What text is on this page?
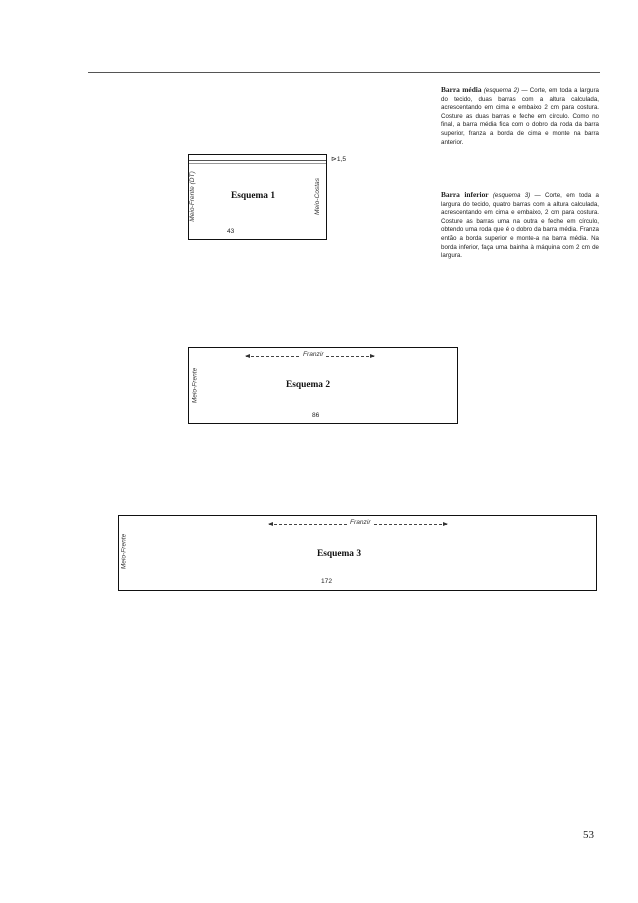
Barra média (esquema 2) — Corte, em toda a largura do tecido, duas barras com a altura calculada, acrescentando em cima e embaixo 2 cm para costura. Costure as duas barras e feche em círculo. Como no final, a barra média fica com o dobro da roda da barra superior, franza a borda de cima e monte na barra anterior.
Barra inferior (esquema 3) — Corte, em toda a largura do tecido, quatro barras com a altura calculada, acrescentando em cima e embaixo, 2 cm para costura. Costure as barras uma na outra e feche em círculo, obtendo uma roda que é o dobro da barra média. Franza então a borda superior e monte-a na barra média. Na borda inferior, faça uma bainha à máquina com 2 cm de largura.
Meio-Frente (DT)	Meio-Costas
Esquema 1
43
⊳1,5
Franzir
Meio-Frente	Esquema 2
86
Franzir
Meio-Frente	Esquema 3
172
53
